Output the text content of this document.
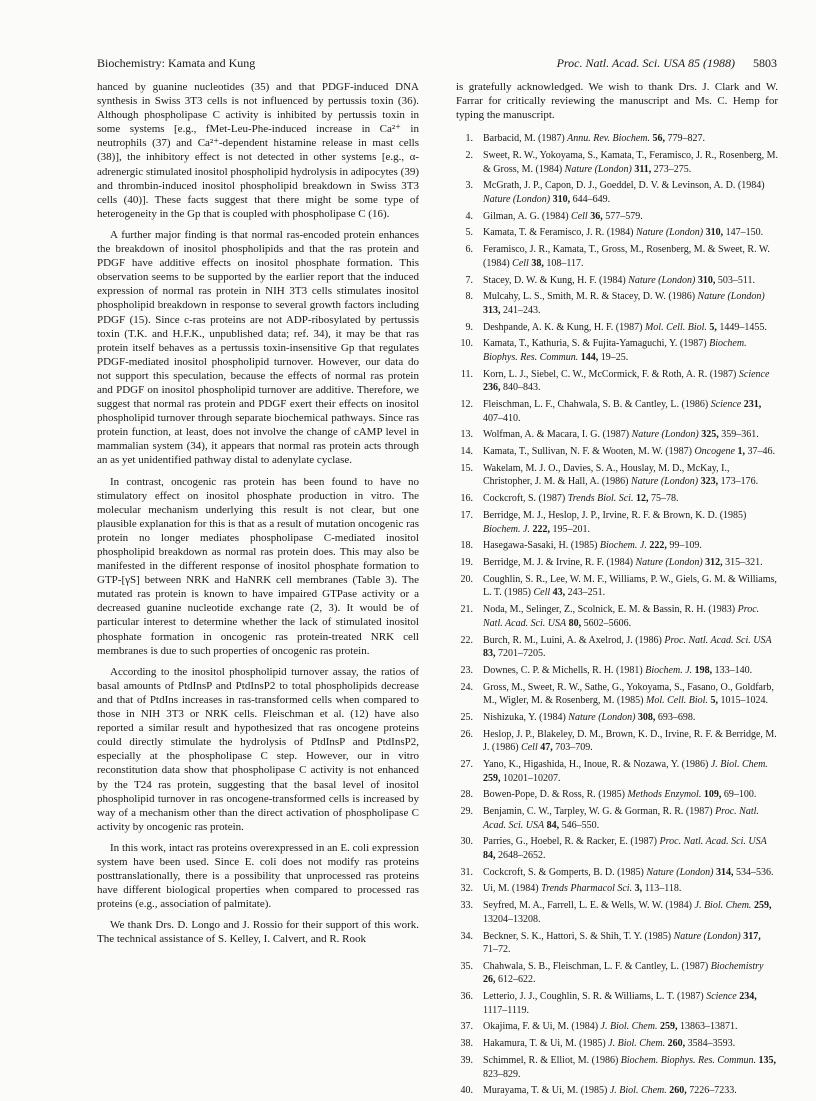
Biochemistry: Kamata and Kung	Proc. Natl. Acad. Sci. USA 85 (1988) 5803

hanced by guanine nucleotides (35) and that PDGF-induced DNA synthesis in Swiss 3T3 cells is not influenced by pertussis toxin (36). Although phospholipase C activity is inhibited by pertussis toxin in some systems [e.g., fMet-Leu-Phe-induced increase in Ca²⁺ in neutrophils (37) and Ca²⁺-dependent histamine release in mast cells (38)], the inhibitory effect is not detected in other systems [e.g., α-adrenergic stimulated inositol phospholipid hydrolysis in adipocytes (39) and thrombin-induced inositol phospholipid breakdown in Swiss 3T3 cells (40)]. These facts suggest that there might be some type of heterogeneity in the Gp that is coupled with phospholipase C (16).

A further major finding is that normal ras-encoded protein enhances the breakdown of inositol phospholipids and that the ras protein and PDGF have additive effects on inositol phosphate formation. This observation seems to be supported by the earlier report that the induced expression of normal ras protein in NIH 3T3 cells stimulates inositol phospholipid breakdown in response to several growth factors including PDGF (15). Since c-ras proteins are not ADP-ribosylated by pertussis toxin (T.K. and H.F.K., unpublished data; ref. 34), it may be that ras protein itself behaves as a pertussis toxin-insensitive Gp that regulates PDGF-mediated inositol phospholipid turnover. However, our data do not support this speculation, because the effects of normal ras protein and PDGF on inositol phospholipid turnover are additive. Therefore, we suggest that normal ras protein and PDGF exert their effects on inositol phospholipid turnover through separate biochemical pathways. Since ras protein function, at least, does not involve the change of cAMP level in mammalian system (34), it appears that normal ras protein acts through an as yet unidentified pathway distal to adenylate cyclase.

In contrast, oncogenic ras protein has been found to have no stimulatory effect on inositol phosphate production in vitro. The molecular mechanism underlying this result is not clear, but one plausible explanation for this is that as a result of mutation oncogenic ras protein no longer mediates phospholipase C-mediated inositol phospholipid breakdown as normal ras protein does. This may also be manifested in the different response of inositol phosphate formation to GTP-[γS] between NRK and HaNRK cell membranes (Table 3). The mutated ras protein is known to have impaired GTPase activity or a decreased guanine nucleotide exchange rate (2, 3). It would be of particular interest to determine whether the lack of stimulated inositol phosphate formation in oncogenic ras protein-treated NRK cell membranes is due to such properties of oncogenic ras protein.

According to the inositol phospholipid turnover assay, the ratios of basal amounts of PtdInsP and PtdInsP2 to total phospholipids decrease and that of PtdIns increases in ras-transformed cells when compared to those in NIH 3T3 or NRK cells. Fleischman et al. (12) have also reported a similar result and hypothesized that ras oncogene proteins could directly stimulate the hydrolysis of PtdInsP and PtdInsP2, especially at the phospholipase C step. However, our in vitro reconstitution data show that phospholipase C activity is not enhanced by the T24 ras protein, suggesting that the basal level of inositol phospholipid turnover in ras oncogene-transformed cells is increased by way of a mechanism other than the direct activation of phospholipase C activity by oncogenic ras protein.

In this work, intact ras proteins overexpressed in an E. coli expression system have been used. Since E. coli does not modify ras proteins posttranslationally, there is a possibility that unprocessed ras proteins have different biological properties when compared to processed ras proteins (e.g., association of palmitate).

We thank Drs. D. Longo and J. Rossio for their support of this work. The technical assistance of S. Kelley, I. Calvert, and R. Rook

is gratefully acknowledged. We wish to thank Drs. J. Clark and W. Farrar for critically reviewing the manuscript and Ms. C. Hemp for typing the manuscript.

1. Barbacid, M. (1987) Annu. Rev. Biochem. 56, 779–827.
2. Sweet, R. W., Yokoyama, S., Kamata, T., Feramisco, J. R., Rosenberg, M. & Gross, M. (1984) Nature (London) 311, 273–275.
3. McGrath, J. P., Capon, D. J., Goeddel, D. V. & Levinson, A. D. (1984) Nature (London) 310, 644–649.
4. Gilman, A. G. (1984) Cell 36, 577–579.
5. Kamata, T. & Feramisco, J. R. (1984) Nature (London) 310, 147–150.
6. Feramisco, J. R., Kamata, T., Gross, M., Rosenberg, M. & Sweet, R. W. (1984) Cell 38, 108–117.
7. Stacey, D. W. & Kung, H. F. (1984) Nature (London) 310, 503–511.
8. Mulcahy, L. S., Smith, M. R. & Stacey, D. W. (1986) Nature (London) 313, 241–243.
9. Deshpande, A. K. & Kung, H. F. (1987) Mol. Cell. Biol. 5, 1449–1455.
10. Kamata, T., Kathuria, S. & Fujita-Yamaguchi, Y. (1987) Biochem. Biophys. Res. Commun. 144, 19–25.
11. Korn, L. J., Siebel, C. W., McCormick, F. & Roth, A. R. (1987) Science 236, 840–843.
12. Fleischman, L. F., Chahwala, S. B. & Cantley, L. (1986) Science 231, 407–410.
13. Wolfman, A. & Macara, I. G. (1987) Nature (London) 325, 359–361.
14. Kamata, T., Sullivan, N. F. & Wooten, M. W. (1987) Oncogene 1, 37–46.
15. Wakelam, M. J. O., Davies, S. A., Houslay, M. D., McKay, I., Christopher, J. M. & Hall, A. (1986) Nature (London) 323, 173–176.
16. Cockcroft, S. (1987) Trends Biol. Sci. 12, 75–78.
17. Berridge, M. J., Heslop, J. P., Irvine, R. F. & Brown, K. D. (1985) Biochem. J. 222, 195–201.
18. Hasegawa-Sasaki, H. (1985) Biochem. J. 222, 99–109.
19. Berridge, M. J. & Irvine, R. F. (1984) Nature (London) 312, 315–321.
20. Coughlin, S. R., Lee, W. M. F., Williams, P. W., Giels, G. M. & Williams, L. T. (1985) Cell 43, 243–251.
21. Noda, M., Selinger, Z., Scolnick, E. M. & Bassin, R. H. (1983) Proc. Natl. Acad. Sci. USA 80, 5602–5606.
22. Burch, R. M., Luini, A. & Axelrod, J. (1986) Proc. Natl. Acad. Sci. USA 83, 7201–7205.
23. Downes, C. P. & Michells, R. H. (1981) Biochem. J. 198, 133–140.
24. Gross, M., Sweet, R. W., Sathe, G., Yokoyama, S., Fasano, O., Goldfarb, M., Wigler, M. & Rosenberg, M. (1985) Mol. Cell. Biol. 5, 1015–1024.
25. Nishizuka, Y. (1984) Nature (London) 308, 693–698.
26. Heslop, J. P., Blakeley, D. M., Brown, K. D., Irvine, R. F. & Berridge, M. J. (1986) Cell 47, 703–709.
27. Yano, K., Higashida, H., Inoue, R. & Nozawa, Y. (1986) J. Biol. Chem. 259, 10201–10207.
28. Bowen-Pope, D. & Ross, R. (1985) Methods Enzymol. 109, 69–100.
29. Benjamin, C. W., Tarpley, W. G. & Gorman, R. R. (1987) Proc. Natl. Acad. Sci. USA 84, 546–550.
30. Parries, G., Hoebel, R. & Racker, E. (1987) Proc. Natl. Acad. Sci. USA 84, 2648–2652.
31. Cockcroft, S. & Gomperts, B. D. (1985) Nature (London) 314, 534–536.
32. Ui, M. (1984) Trends Pharmacol Sci. 3, 113–118.
33. Seyfred, M. A., Farrell, L. E. & Wells, W. W. (1984) J. Biol. Chem. 259, 13204–13208.
34. Beckner, S. K., Hattori, S. & Shih, T. Y. (1985) Nature (London) 317, 71–72.
35. Chahwala, S. B., Fleischman, L. F. & Cantley, L. (1987) Biochemistry 26, 612–622.
36. Letterio, J. J., Coughlin, S. R. & Williams, L. T. (1987) Science 234, 1117–1119.
37. Okajima, F. & Ui, M. (1984) J. Biol. Chem. 259, 13863–13871.
38. Hakamura, T. & Ui, M. (1985) J. Biol. Chem. 260, 3584–3593.
39. Schimmel, R. & Elliot, M. (1986) Biochem. Biophys. Res. Commun. 135, 823–829.
40. Murayama, T. & Ui, M. (1985) J. Biol. Chem. 260, 7226–7233.
